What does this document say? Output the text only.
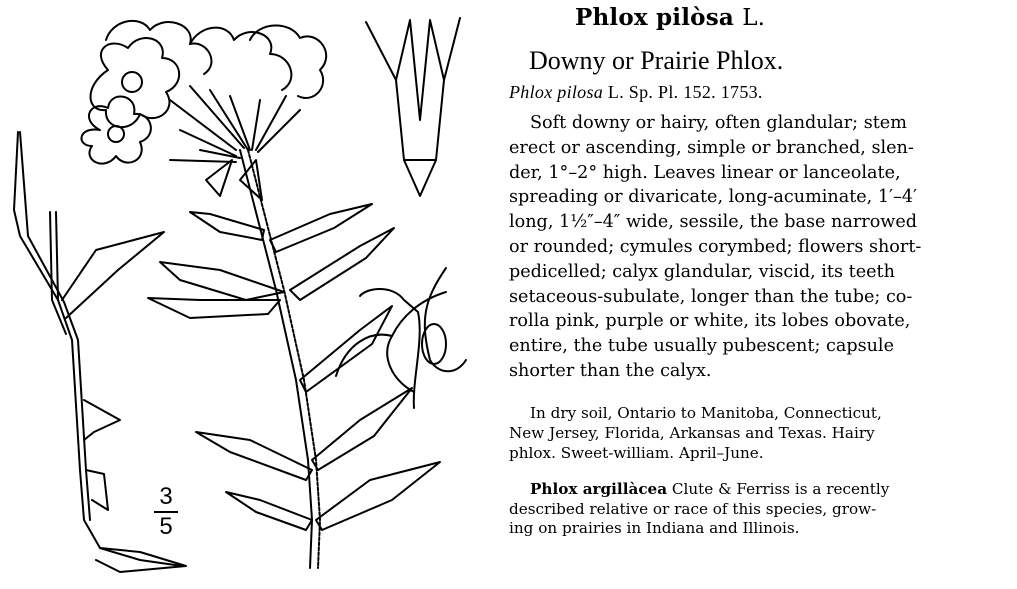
3
5
Phlox pilòsa L.
Downy or Prairie Phlox.
Phlox pilosa L. Sp. Pl. 152. 1753.
Soft downy or hairy, often glandular; stem
erect or ascending, simple or branched, slen-
der, 1°–2° high. Leaves linear or lanceolate,
spreading or divaricate, long-acuminate, 1′–4′
long, 1½″–4″ wide, sessile, the base narrowed
or rounded; cymules corymbed; flowers short-
pedicelled; calyx glandular, viscid, its teeth
setaceous-subulate, longer than the tube; co-
rolla pink, purple or white, its lobes obovate,
entire, the tube usually pubescent; capsule
shorter than the calyx.
In dry soil, Ontario to Manitoba, Connecticut,
New Jersey, Florida, Arkansas and Texas. Hairy
phlox. Sweet-william. April–June.
Phlox argillàcea Clute & Ferriss is a recently
described relative or race of this species, grow-
ing on prairies in Indiana and Illinois.
